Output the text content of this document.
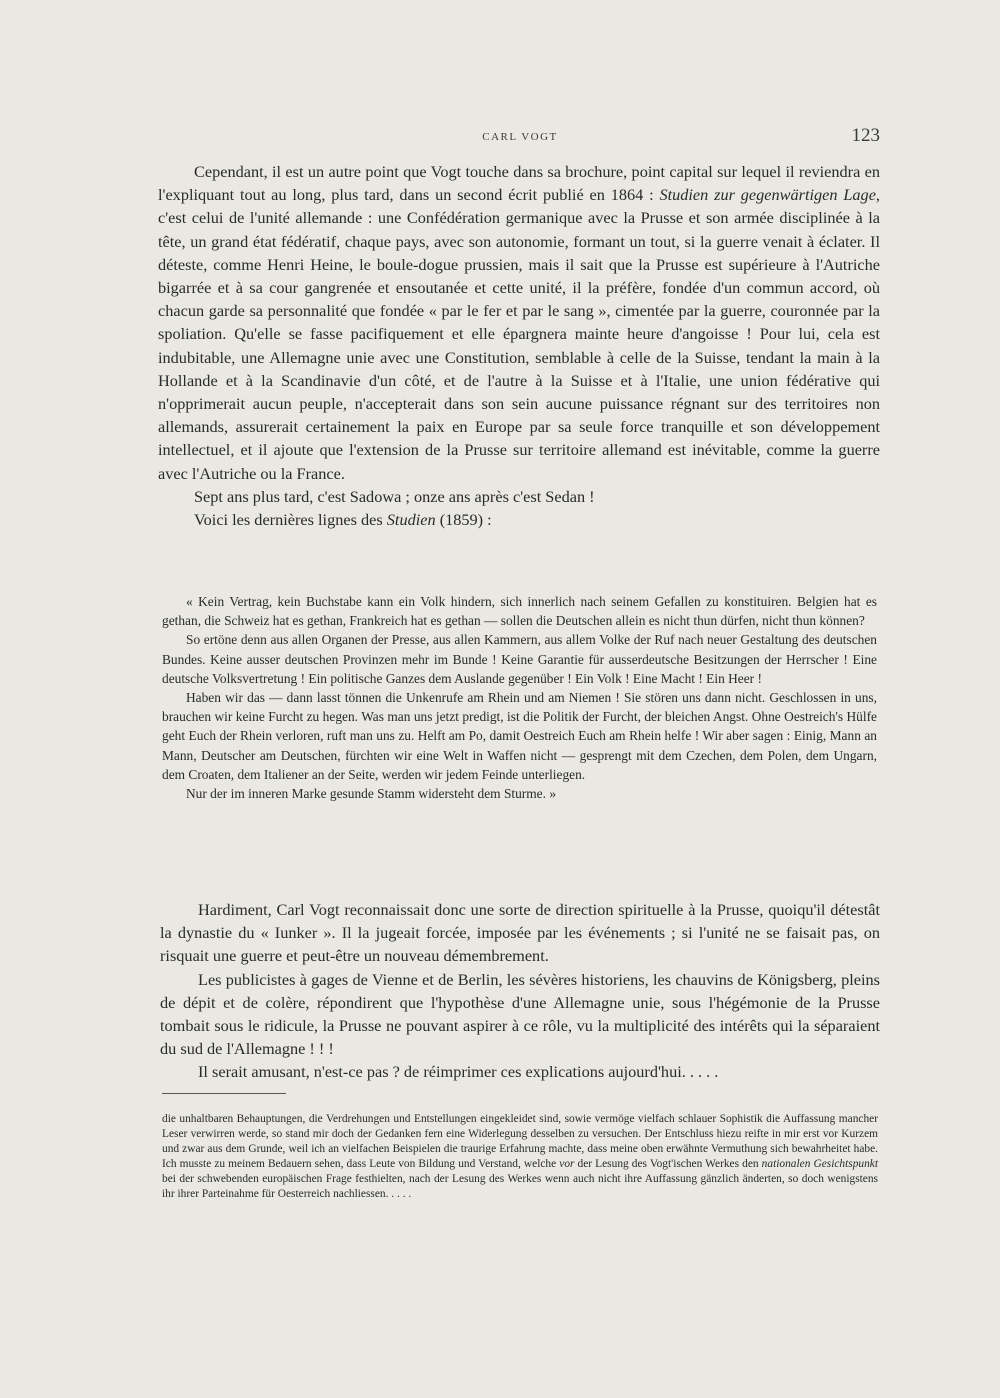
CARL VOGT	123

Cependant, il est un autre point que Vogt touche dans sa brochure, point capital sur lequel il reviendra en l'expliquant tout au long, plus tard, dans un second écrit publié en 1864 : Studien zur gegenwärtigen Lage, c'est celui de l'unité allemande : une Confédération germanique avec la Prusse et son armée disciplinée à la tête, un grand état fédératif, chaque pays, avec son autonomie, formant un tout, si la guerre venait à éclater. Il déteste, comme Henri Heine, le boule-dogue prussien, mais il sait que la Prusse est supérieure à l'Autriche bigarrée et à sa cour gangrenée et ensoutanée et cette unité, il la préfère, fondée d'un commun accord, où chacun garde sa personnalité que fondée « par le fer et par le sang », cimentée par la guerre, couronnée par la spoliation. Qu'elle se fasse pacifiquement et elle épargnera mainte heure d'angoisse ! Pour lui, cela est indubitable, une Allemagne unie avec une Constitution, semblable à celle de la Suisse, tendant la main à la Hollande et à la Scandinavie d'un côté, et de l'autre à la Suisse et à l'Italie, une union fédérative qui n'opprimerait aucun peuple, n'accepterait dans son sein aucune puissance régnant sur des territoires non allemands, assurerait certainement la paix en Europe par sa seule force tranquille et son développement intellectuel, et il ajoute que l'extension de la Prusse sur territoire allemand est inévitable, comme la guerre avec l'Autriche ou la France.

Sept ans plus tard, c'est Sadowa ; onze ans après c'est Sedan !

Voici les dernières lignes des Studien (1859) :

« Kein Vertrag, kein Buchstabe kann ein Volk hindern, sich innerlich nach seinem Gefallen zu konstituiren. Belgien hat es gethan, die Schweiz hat es gethan, Frankreich hat es gethan — sollen die Deutschen allein es nicht thun dürfen, nicht thun können?

So ertöne denn aus allen Organen der Presse, aus allen Kammern, aus allem Volke der Ruf nach neuer Gestaltung des deutschen Bundes. Keine ausser deutschen Provinzen mehr im Bunde ! Keine Garantie für ausserdeutsche Besitzungen der Herrscher ! Eine deutsche Volksvertretung ! Ein politische Ganzes dem Auslande gegenüber ! Ein Volk ! Eine Macht ! Ein Heer !

Haben wir das — dann lasst tönnen die Unkenrufe am Rhein und am Niemen ! Sie stören uns dann nicht. Geschlossen in uns, brauchen wir keine Furcht zu hegen. Was man uns jetzt predigt, ist die Politik der Furcht, der bleichen Angst. Ohne Oestreich's Hülfe geht Euch der Rhein verloren, ruft man uns zu. Helft am Po, damit Oestreich Euch am Rhein helfe ! Wir aber sagen : Einig, Mann an Mann, Deutscher am Deutschen, fürchten wir eine Welt in Waffen nicht — gesprengt mit dem Czechen, dem Polen, dem Ungarn, dem Croaten, dem Italiener an der Seite, werden wir jedem Feinde unterliegen.

Nur der im inneren Marke gesunde Stamm widersteht dem Sturme. »

Hardiment, Carl Vogt reconnaissait donc une sorte de direction spirituelle à la Prusse, quoiqu'il détestât la dynastie du « Iunker ». Il la jugeait forcée, imposée par les événements ; si l'unité ne se faisait pas, on risquait une guerre et peut-être un nouveau démembrement.

Les publicistes à gages de Vienne et de Berlin, les sévères historiens, les chauvins de Königsberg, pleins de dépit et de colère, répondirent que l'hypothèse d'une Allemagne unie, sous l'hégémonie de la Prusse tombait sous le ridicule, la Prusse ne pouvant aspirer à ce rôle, vu la multiplicité des intérêts qui la séparaient du sud de l'Allemagne ! ! !

Il serait amusant, n'est-ce pas ? de réimprimer ces explications aujourd'hui. . . . .

die unhaltbaren Behauptungen, die Verdrehungen und Entstellungen eingekleidet sind, sowie vermöge vielfach schlauer Sophistik die Auffassung mancher Leser verwirren werde, so stand mir doch der Gedanken fern eine Widerlegung desselben zu versuchen. Der Entschluss hiezu reifte in mir erst vor Kurzem und zwar aus dem Grunde, weil ich an vielfachen Beispielen die traurige Erfahrung machte, dass meine oben erwähnte Vermuthung sich bewahrheitet habe. Ich musste zu meinem Bedauern sehen, dass Leute von Bildung und Verstand, welche vor der Lesung des Vogt'ischen Werkes den nationalen Gesichtspunkt bei der schwebenden europäischen Frage festhielten, nach der Lesung des Werkes wenn auch nicht ihre Auffassung gänzlich änderten, so doch wenigstens ihr ihrer Parteinahme für Oesterreich nachliessen. . . . .
